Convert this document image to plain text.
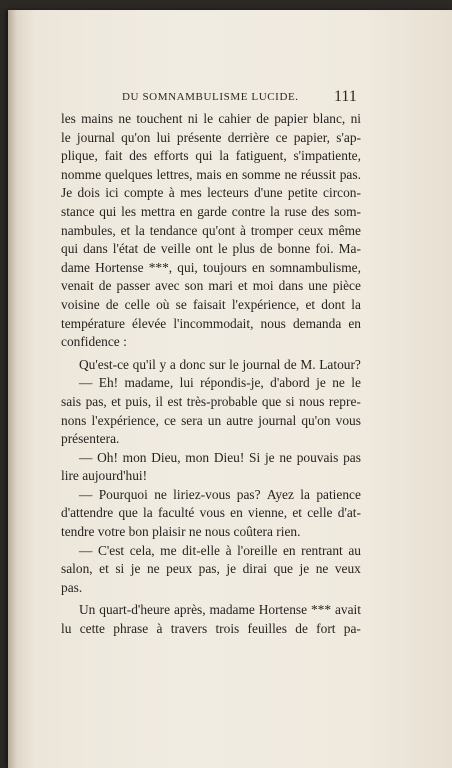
DU SOMNAMBULISME LUCIDE. 111
les mains ne touchent ni le cahier de papier blanc, ni
le journal qu'on lui présente derrière ce papier, s'ap-
plique, fait des efforts qui la fatiguent, s'impatiente,
nomme quelques lettres, mais en somme ne réussit pas.
Je dois ici compte à mes lecteurs d'une petite circon-
stance qui les mettra en garde contre la ruse des som-
nambules, et la tendance qu'ont à tromper ceux même
qui dans l'état de veille ont le plus de bonne foi. Ma-
dame Hortense ***, qui, toujours en somnambulisme,
venait de passer avec son mari et moi dans une pièce
voisine de celle où se faisait l'expérience, et dont la
température élevée l'incommodait, nous demanda en
confidence :
Qu'est-ce qu'il y a donc sur le journal de M. Latour?
— Eh! madame, lui répondis-je, d'abord je ne le
sais pas, et puis, il est très-probable que si nous repre-
nons l'expérience, ce sera un autre journal qu'on vous
présentera.
— Oh! mon Dieu, mon Dieu! Si je ne pouvais pas
lire aujourd'hui!
— Pourquoi ne liriez-vous pas? Ayez la patience
d'attendre que la faculté vous en vienne, et celle d'at-
tendre votre bon plaisir ne nous coûtera rien.
— C'est cela, me dit-elle à l'oreille en rentrant au
salon, et si je ne peux pas, je dirai que je ne veux
pas.
Un quart-d'heure après, madame Hortense *** avait
lu cette phrase à travers trois feuilles de fort pa-
